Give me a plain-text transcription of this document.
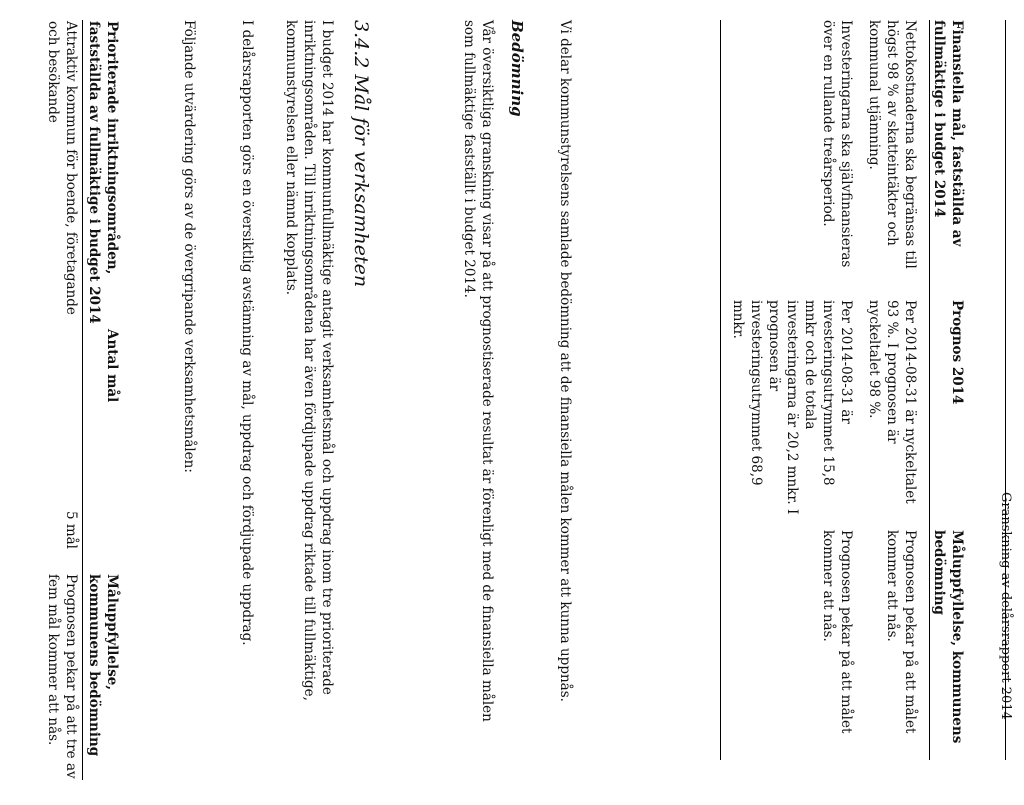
Granskning av delårsrapport 2014
Finansiella mål, fastställda av fullmäktige i budget 2014	Prognos 2014	Måluppfyllelse, kommunens bedömning
Nettokostnaderna ska begränsas till högst 98 % av skatteintäkter och kommunal utjämning.	Per 2014-08-31 är nyckeltalet 93 %. I prognosen är nyckeltalet 98 %.	Prognosen pekar på att målet kommer att nås.
Investeringarna ska självfinansieras över en rullande treårsperiod.	Per 2014-08-31 är investeringsutrymmet 15,8 mnkr och de totala investeringarna är 20,2 mnkr. I prognosen är investeringsutrymmet 68,9 mnkr.	Prognosen pekar på att målet kommer att nås.

Vi delar kommunstyrelsens samlade bedömning att de finansiella målen kommer att kunna uppnås.

Bedömning

Vår översiktliga granskning visar på att prognostiserade resultat är förenligt med de finansiella målen som fullmäktige fastställt i budget 2014.

3.4.2 Mål för verksamheten

I budget 2014 har kommunfullmäktige antagit verksamhetsmål och uppdrag inom tre prioriterade inriktningsområden. Till inriktningsområdena har även fördjupade uppdrag riktade till fullmäktige, kommunstyrelsen eller nämnd kopplats.

I delårsrapporten görs en översiktlig avstämning av mål, uppdrag och fördjupade uppdrag.

Följande utvärdering görs av de övergripande verksamhetsmålen:

Prioriterade inriktningsområden, fastställda av fullmäktige i budget 2014	Antal mål	Måluppfyllelse, kommunens bedömning
Attraktiv kommun för boende, företagande och besökande	5 mål	Prognosen pekar på att tre av fem mål kommer att nås.
